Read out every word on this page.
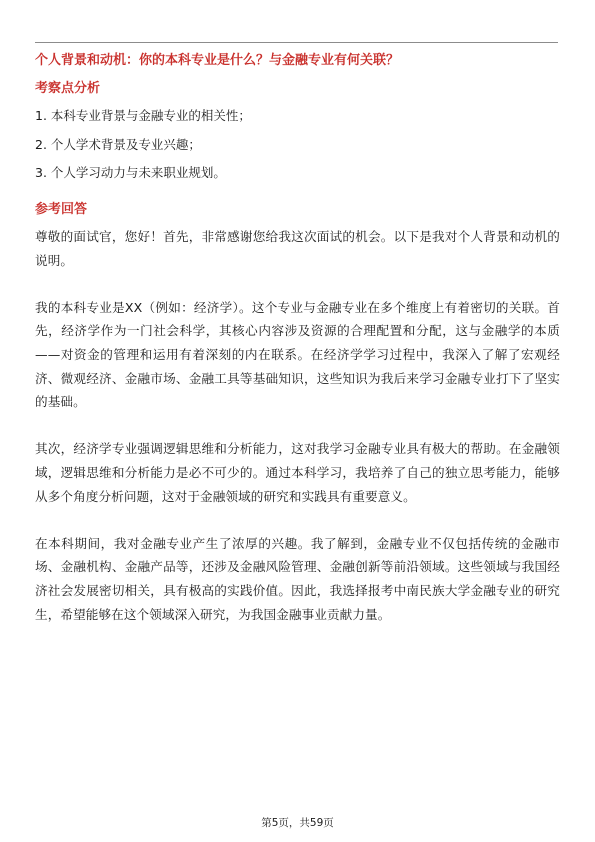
个人背景和动机：你的本科专业是什么？与金融专业有何关联？
考察点分析
1. 本科专业背景与金融专业的相关性；
2. 个人学术背景及专业兴趣；
3. 个人学习动力与未来职业规划。
参考回答

尊敬的面试官，您好！首先，非常感谢您给我这次面试的机会。以下是我对个人背景和动机的说明。

我的本科专业是XX（例如：经济学）。这个专业与金融专业在多个维度上有着密切的关联。首先，经济学作为一门社会科学，其核心内容涉及资源的合理配置和分配，这与金融学的本质——对资金的管理和运用有着深刻的内在联系。在经济学学习过程中，我深入了解了宏观经济、微观经济、金融市场、金融工具等基础知识，这些知识为我后来学习金融专业打下了坚实的基础。

其次，经济学专业强调逻辑思维和分析能力，这对我学习金融专业具有极大的帮助。在金融领域，逻辑思维和分析能力是必不可少的。通过本科学习，我培养了自己的独立思考能力，能够从多个角度分析问题，这对于金融领域的研究和实践具有重要意义。

在本科期间，我对金融专业产生了浓厚的兴趣。我了解到，金融专业不仅包括传统的金融市场、金融机构、金融产品等，还涉及金融风险管理、金融创新等前沿领域。这些领域与我国经济社会发展密切相关，具有极高的实践价值。因此，我选择报考中南民族大学金融专业的研究生，希望能够在这个领域深入研究，为我国金融事业贡献力量。

第5页，共59页
